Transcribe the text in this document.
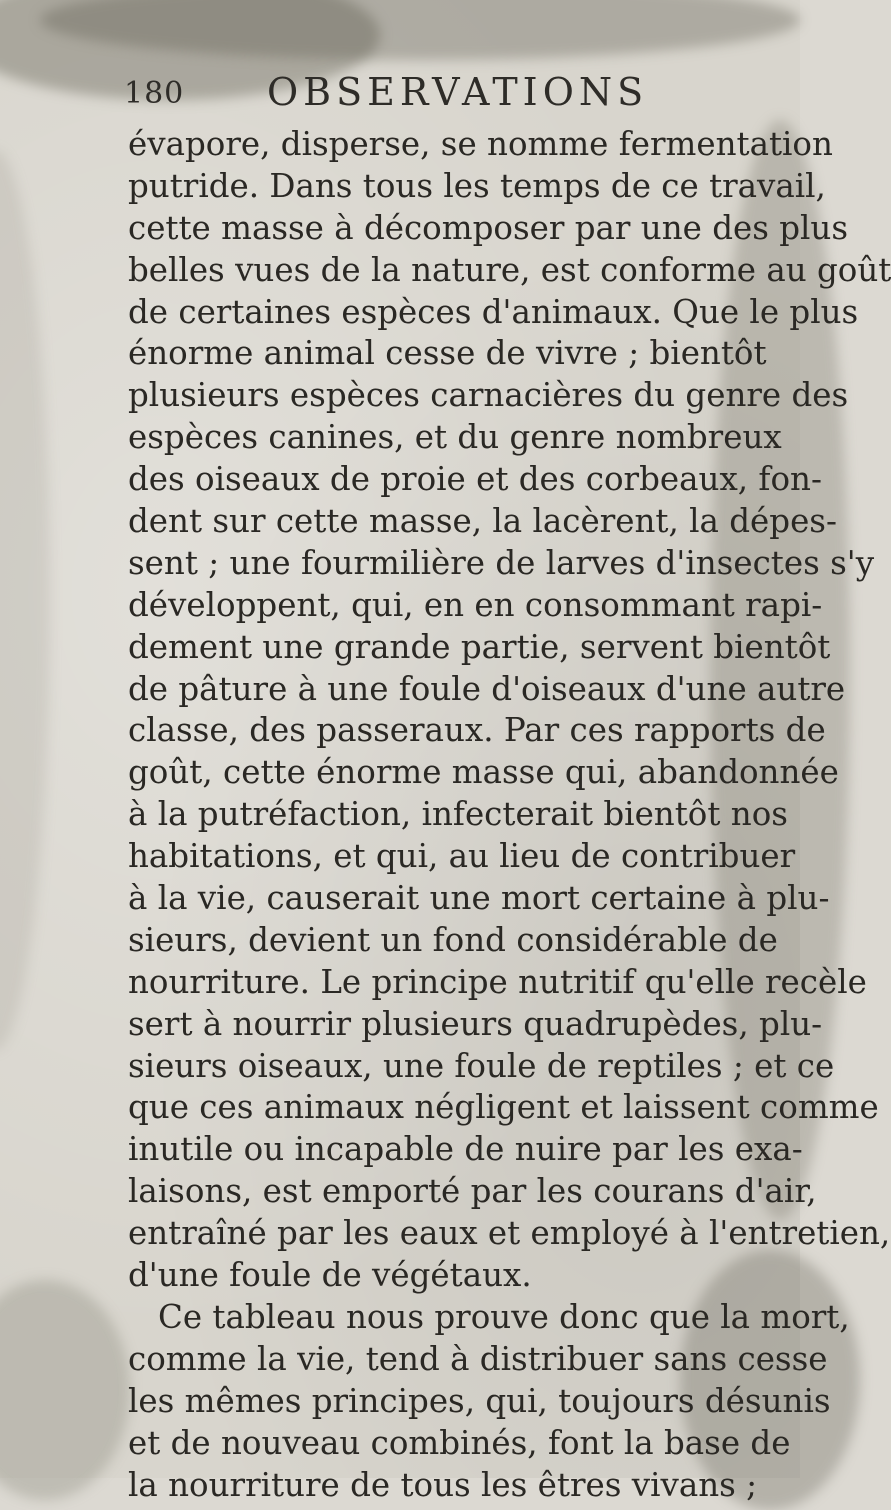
180 OBSERVATIONS
évapore, disperse, se nomme fermentation
putride. Dans tous les temps de ce travail,
cette masse à décomposer par une des plus
belles vues de la nature, est conforme au goût
de certaines espèces d'animaux. Que le plus
énorme animal cesse de vivre ; bientôt
plusieurs espèces carnacières du genre des
espèces canines, et du genre nombreux
des oiseaux de proie et des corbeaux, fon-
dent sur cette masse, la lacèrent, la dépes-
sent ; une fourmilière de larves d'insectes s'y
développent, qui, en en consommant rapi-
dement une grande partie, servent bientôt
de pâture à une foule d'oiseaux d'une autre
classe, des passeraux. Par ces rapports de
goût, cette énorme masse qui, abandonnée
à la putréfaction, infecterait bientôt nos
habitations, et qui, au lieu de contribuer
à la vie, causerait une mort certaine à plu-
sieurs, devient un fond considérable de
nourriture. Le principe nutritif qu'elle recèle
sert à nourrir plusieurs quadrupèdes, plu-
sieurs oiseaux, une foule de reptiles ; et ce
que ces animaux négligent et laissent comme
inutile ou incapable de nuire par les exa-
laisons, est emporté par les courans d'air,
entraîné par les eaux et employé à l'entretien,
d'une foule de végétaux.
Ce tableau nous prouve donc que la mort,
comme la vie, tend à distribuer sans cesse
les mêmes principes, qui, toujours désunis
et de nouveau combinés, font la base de
la nourriture de tous les êtres vivans ;
